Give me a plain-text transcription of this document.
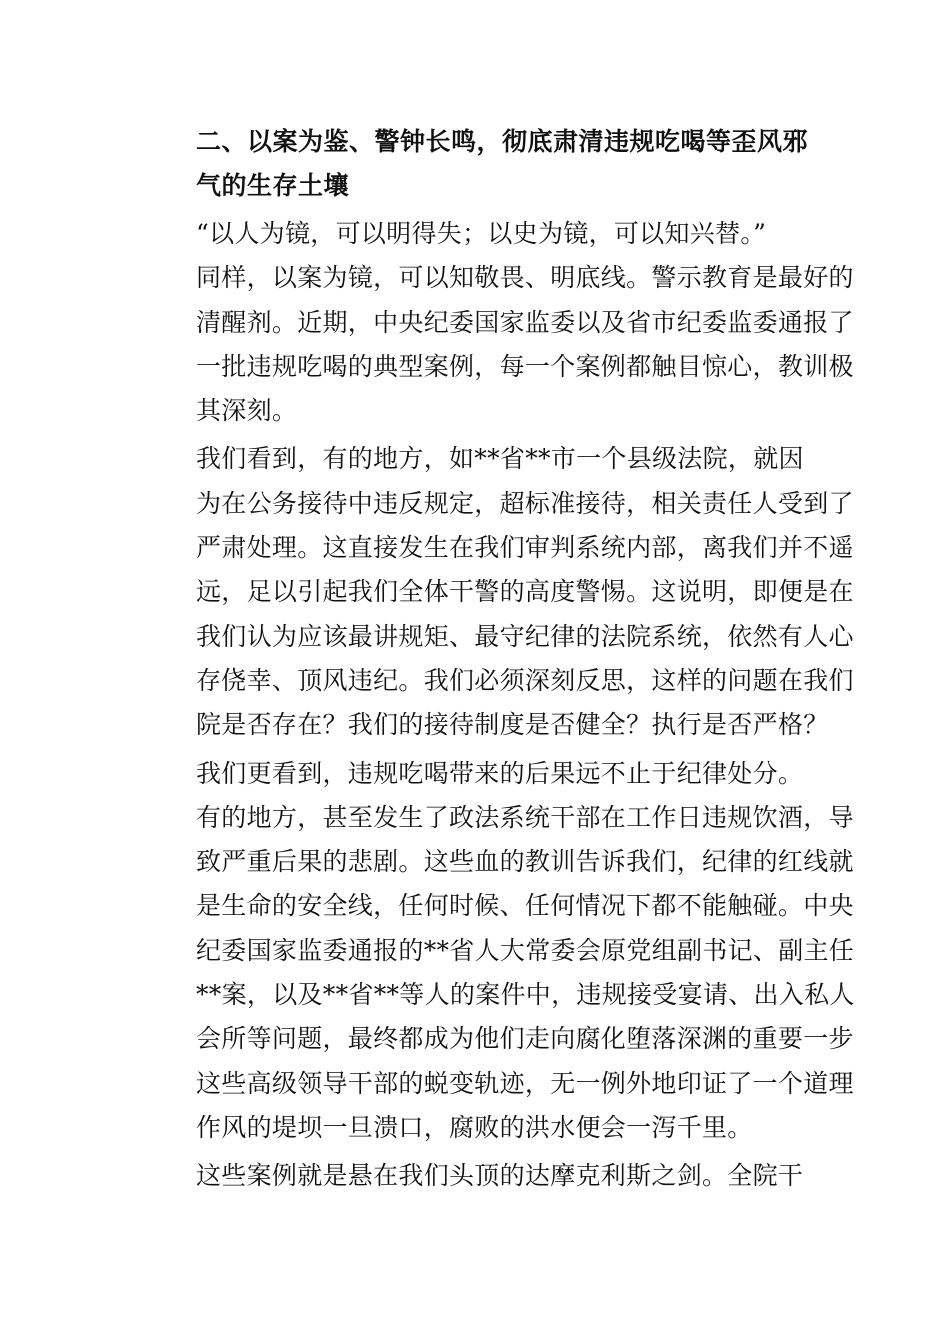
二、以案为鉴、警钟长鸣，彻底肃清违规吃喝等歪风邪
气的生存土壤

“以人为镜，可以明得失；以史为镜，可以知兴替。”
同样，以案为镜，可以知敬畏、明底线。警示教育是最好的
清醒剂。近期，中央纪委国家监委以及省市纪委监委通报了
一批违规吃喝的典型案例，每一个案例都触目惊心，教训极
其深刻。

我们看到，有的地方，如**省**市一个县级法院，就因
为在公务接待中违反规定，超标准接待，相关责任人受到了
严肃处理。这直接发生在我们审判系统内部，离我们并不遥
远，足以引起我们全体干警的高度警惕。这说明，即便是在
我们认为应该最讲规矩、最守纪律的法院系统，依然有人心
存侥幸、顶风违纪。我们必须深刻反思，这样的问题在我们
院是否存在？我们的接待制度是否健全？执行是否严格？

我们更看到，违规吃喝带来的后果远不止于纪律处分。
有的地方，甚至发生了政法系统干部在工作日违规饮酒，导
致严重后果的悲剧。这些血的教训告诉我们，纪律的红线就
是生命的安全线，任何时候、任何情况下都不能触碰。中央
纪委国家监委通报的**省人大常委会原党组副书记、副主任
**案，以及**省**等人的案件中，违规接受宴请、出入私人
会所等问题，最终都成为他们走向腐化堕落深渊的重要一步
这些高级领导干部的蜕变轨迹，无一例外地印证了一个道理
作风的堤坝一旦溃口，腐败的洪水便会一泻千里。

这些案例就是悬在我们头顶的达摩克利斯之剑。全院干
